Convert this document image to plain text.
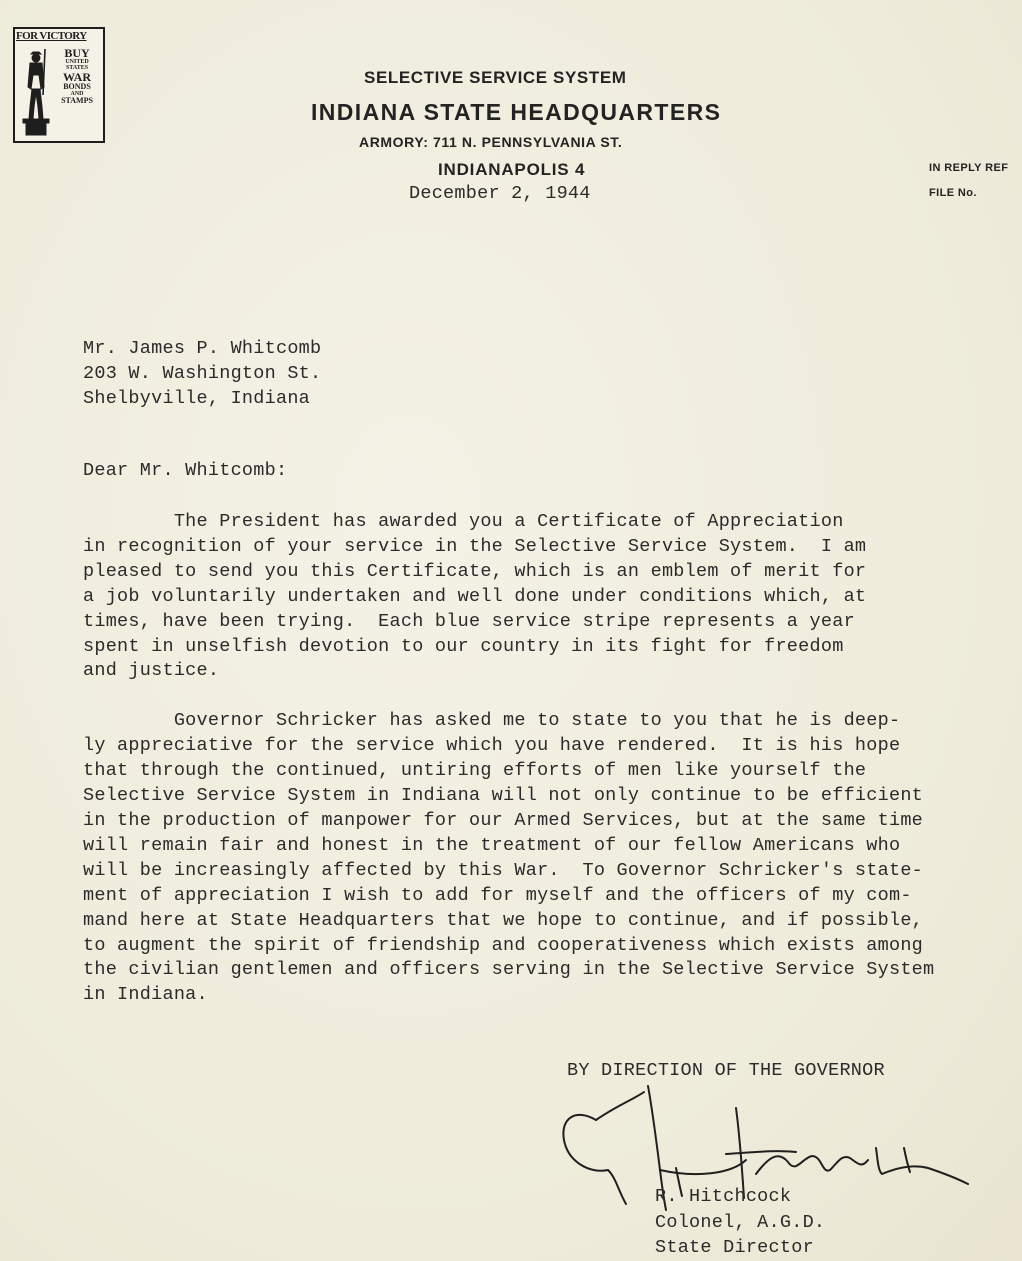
FOR VICTORY
BUY
UNITED
STATES
WAR
BONDS
AND
STAMPS
SELECTIVE SERVICE SYSTEM
INDIANA STATE HEADQUARTERS
ARMORY: 711 N. PENNSYLVANIA ST.
INDIANAPOLIS 4	IN REPLY REF
FILE No.
December 2, 1944
Mr. James P. Whitcomb
203 W. Washington St.
Shelbyville, Indiana
Dear Mr. Whitcomb:

The President has awarded you a Certificate of Appreciation
in recognition of your service in the Selective Service System.  I am
pleased to send you this Certificate, which is an emblem of merit for
a job voluntarily undertaken and well done under conditions which, at
times, have been trying.  Each blue service stripe represents a year
spent in unselfish devotion to our country in its fight for freedom
and justice.

Governor Schricker has asked me to state to you that he is deep-
ly appreciative for the service which you have rendered.  It is his hope
that through the continued, untiring efforts of men like yourself the
Selective Service System in Indiana will not only continue to be efficient
in the production of manpower for our Armed Services, but at the same time
will remain fair and honest in the treatment of our fellow Americans who
will be increasingly affected by this War.  To Governor Schricker's state-
ment of appreciation I wish to add for myself and the officers of my com-
mand here at State Headquarters that we hope to continue, and if possible,
to augment the spirit of friendship and cooperativeness which exists among
the civilian gentlemen and officers serving in the Selective Service System
in Indiana.

BY DIRECTION OF THE GOVERNOR
R. Hitchcock
Colonel, A.G.D.
State Director
